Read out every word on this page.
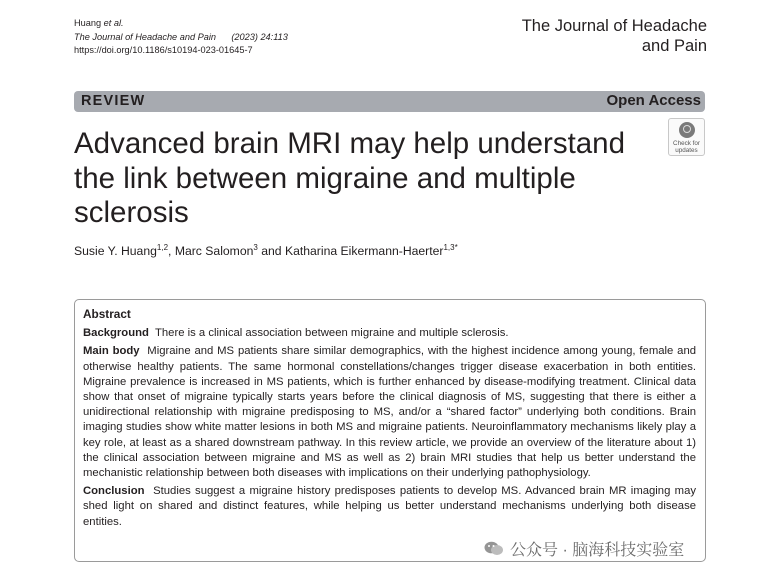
Huang et al.
The Journal of Headache and Pain (2023) 24:113
https://doi.org/10.1186/s10194-023-01645-7
The Journal of Headache
and Pain
REVIEW	Open Access
Advanced brain MRI may help understand the link between migraine and multiple sclerosis
Check for
updates
Susie Y. Huang$^{1,2}$, Marc Salomon$^3$ and Katharina Eikermann-Haerter$^{1,3*}$
Abstract

Background There is a clinical association between migraine and multiple sclerosis.

Main body Migraine and MS patients share similar demographics, with the highest incidence among young, female and otherwise healthy patients. The same hormonal constellations/changes trigger disease exacerbation in both entities. Migraine prevalence is increased in MS patients, which is further enhanced by disease-modifying treatment. Clinical data show that onset of migraine typically starts years before the clinical diagnosis of MS, suggesting that there is either a unidirectional relationship with migraine predisposing to MS, and/or a “shared factor” underlying both conditions. Brain imaging studies show white matter lesions in both MS and migraine patients. Neuroinflammatory mechanisms likely play a key role, at least as a shared downstream pathway. In this review article, we provide an overview of the literature about 1) the clinical association between migraine and MS as well as 2) brain MRI studies that help us better understand the mechanistic relationship between both diseases with implications on their underlying pathophysiology.

Conclusion Studies suggest a migraine history predisposes patients to develop MS. Advanced brain MR imaging may shed light on shared and distinct features, while helping us better understand mechanisms underlying both disease entities.

公众号 · 脑海科技实验室
